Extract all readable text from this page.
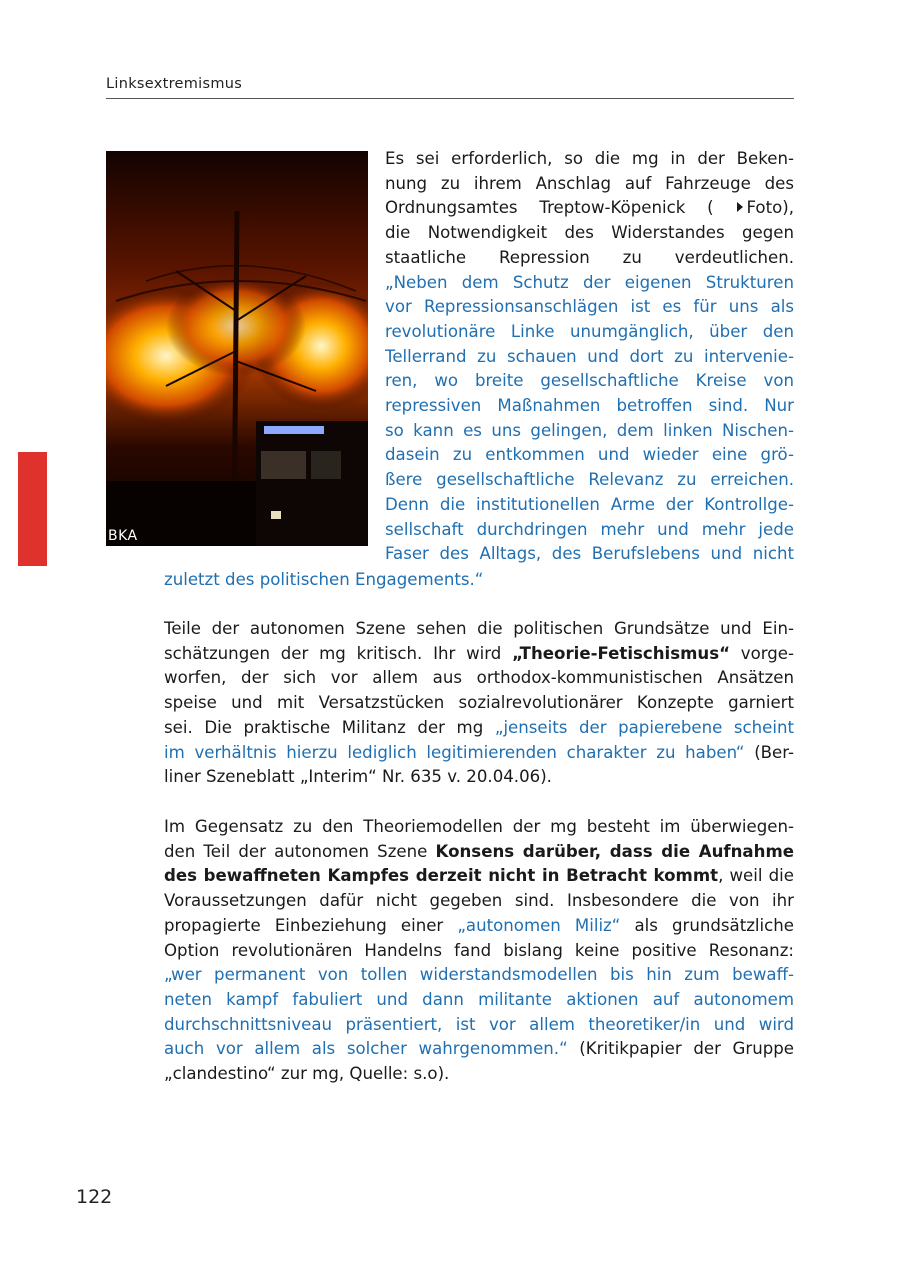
Linksextremismus
BKA
Es sei erforderlich, so die mg in der Beken-
nung zu ihrem Anschlag auf Fahrzeuge des
Ordnungsamtes Treptow-Köpenick ( Foto),
die Notwendigkeit des Widerstandes gegen
staatliche Repression zu verdeutlichen.
„Neben dem Schutz der eigenen Strukturen
vor Repressionsanschlägen ist es für uns als
revolutionäre Linke unumgänglich, über den
Tellerrand zu schauen und dort zu intervenie-
ren, wo breite gesellschaftliche Kreise von
repressiven Maßnahmen betroffen sind. Nur
so kann es uns gelingen, dem linken Nischen-
dasein zu entkommen und wieder eine grö-
ßere gesellschaftliche Relevanz zu erreichen.
Denn die institutionellen Arme der Kontrollge-
sellschaft durchdringen mehr und mehr jede
Faser des Alltags, des Berufslebens und nicht
zuletzt des politischen Engagements.“
Teile der autonomen Szene sehen die politischen Grundsätze und Ein-
schätzungen der mg kritisch. Ihr wird „Theorie-Fetischismus“ vorge-
worfen, der sich vor allem aus orthodox-kommunistischen Ansätzen
speise und mit Versatzstücken sozialrevolutionärer Konzepte garniert
sei. Die praktische Militanz der mg „jenseits der papierebene scheint
im verhältnis hierzu lediglich legitimierenden charakter zu haben“ (Ber-
liner Szeneblatt „Interim“ Nr. 635 v. 20.04.06).
Im Gegensatz zu den Theoriemodellen der mg besteht im überwiegen-
den Teil der autonomen Szene Konsens darüber, dass die Aufnahme
des bewaffneten Kampfes derzeit nicht in Betracht kommt, weil die
Voraussetzungen dafür nicht gegeben sind. Insbesondere die von ihr
propagierte Einbeziehung einer „autonomen Miliz“ als grundsätzliche
Option revolutionären Handelns fand bislang keine positive Resonanz:
„wer permanent von tollen widerstandsmodellen bis hin zum bewaff-
neten kampf fabuliert und dann militante aktionen auf autonomem
durchschnittsniveau präsentiert, ist vor allem theoretiker/in und wird
auch vor allem als solcher wahrgenommen.“ (Kritikpapier der Gruppe
„clandestino“ zur mg, Quelle: s.o).
122
